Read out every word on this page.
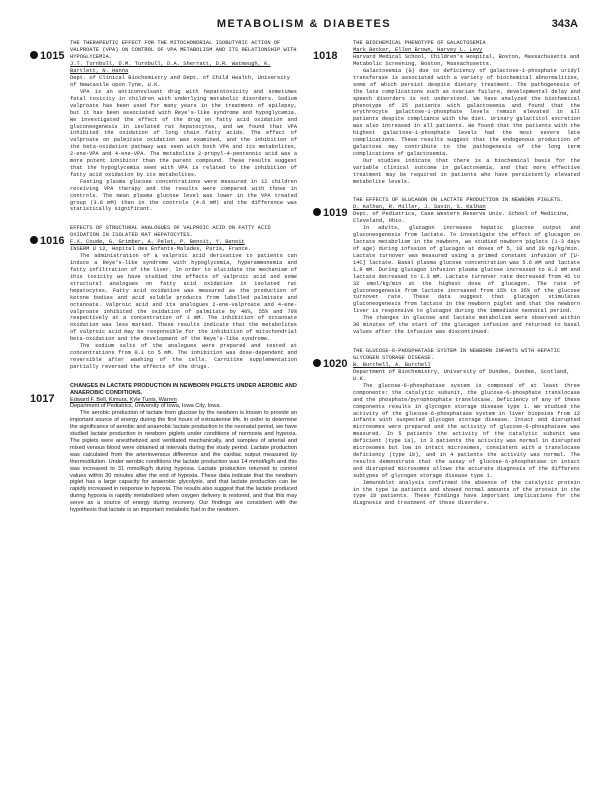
METABOLISM & DIABETES	343A
1015
THE THERAPEUTIC EFFECT FOR THE MITOCHONDRIAL ISOBUTYRIC ACTION OF VALPROATE (VPA) ON CONTROL OF VPA METABOLISM AND ITS RELATIONSHIP WITH HYPOGLYCEMIA.
J.T. Turnbull, D.M. Turnbull, D.A. Sherratt, D.R. Watmough, K. Bartlett, N. Hanna
Dept. of Clinical Biochemistry and Dept. of Child Health, University of Newcastle upon Tyne, U.K.

VPA is an anticonvulsant drug with hepatotoxicity and sometimes fatal toxicity in children with underlying metabolic disorders. Sodium valproate has been used for many years in the treatment of epilepsy, but it has been associated with Reye's-like syndrome and hypoglycemia. We investigated the effect of the drug on fatty acid oxidation and gluconeogenesis in isolated rat hepatocytes, and we found that VPA inhibited the oxidation of long chain fatty acids. The effect of valproate on palmitate oxidation was examined, and the inhibition of the beta-oxidation pathway was seen with both VPA and its metabolites, 2-ene-VPA and 4-ene-VPA. The metabolite 2-propyl-4-pentenoic acid was a more potent inhibitor than the parent compound. These results suggest that the hypoglycemia seen with VPA is related to the inhibition of fatty acid oxidation by its metabolites.

Fasting plasma glucose concentrations were measured in 12 children receiving VPA therapy and the results were compared with those in controls. The mean plasma glucose level was lower in the VPA treated group (3.8 mM) than in the controls (4.6 mM) and the difference was statistically significant.

1016
EFFECTS OF STRUCTURAL ANALOGUES OF VALPROIC ACID ON FATTY ACID OXIDATION IN ISOLATED RAT HEPATOCYTES.
F.X. Coude, G. Grimber, A. Pelet, P. Benoit, Y. Benoit
INSERM U 12, Hopital des Enfants-Malades, Paris, France.

The administration of a valproic acid derivative to patients can induce a Reye's-like syndrome with hypoglycemia, hyperammonemia and fatty infiltration of the liver. In order to elucidate the mechanism of this toxicity we have studied the effects of valproic acid and some structural analogues on fatty acid oxidation in isolated rat hepatocytes. Fatty acid oxidation was measured as the production of ketone bodies and acid soluble products from labelled palmitate and octanoate. Valproic acid and its analogues 2-ene-valproate and 4-ene-valproate inhibited the oxidation of palmitate by 40%, 55% and 70% respectively at a concentration of 1 mM. The inhibition of octanoate oxidation was less marked. These results indicate that the metabolites of valproic acid may be responsible for the inhibition of mitochondrial beta-oxidation and the development of the Reye's-like syndrome.

The sodium salts of the analogues were prepared and tested at concentrations from 0.1 to 5 mM. The inhibition was dose-dependent and reversible after washing of the cells. Carnitine supplementation partially reversed the effects of the drugs.

1017
CHANGES IN LACTATE PRODUCTION IN NEWBORN PIGLETS UNDER AEROBIC AND ANAEROBIC CONDITIONS.
Edward F. Bell, Kimura, Kyle Tunis, Warren
Department of Pediatrics, University of Iowa, Iowa City, Iowa.

The aerobic production of lactate from glucose by the newborn is known to provide an important source of energy during the first hours of extrauterine life. In order to determine the significance of aerobic and anaerobic lactate production in the neonatal period, we have studied lactate production in newborn piglets under conditions of normoxia and hypoxia. The piglets were anesthetized and ventilated mechanically, and samples of arterial and mixed venous blood were obtained at intervals during the study period. Lactate production was calculated from the arteriovenous difference and the cardiac output measured by thermodilution. Under aerobic conditions the lactate production was 14 mmol/kg/h and this was increased to 31 mmol/kg/h during hypoxia. Lactate production returned to control values within 30 minutes after the end of hypoxia. These data indicate that the newborn piglet has a large capacity for anaerobic glycolysis, and that lactate production can be rapidly increased in response to hypoxia. The results also suggest that the lactate produced during hypoxia is rapidly metabolized when oxygen delivery is restored, and that this may serve as a source of energy during recovery. Our findings are consistent with the hypothesis that lactate is an important metabolic fuel in the newborn.

1018
THE BIOCHEMICAL PHENOTYPE OF GALACTOSEMIA
Mark Becker, Ellen Brown, Harvey L. Levy
Harvard Medical School, Children's Hospital, Boston, Massachusetts and Metabolic Screening, Boston, Massachusetts.

Galactosemia (G) due to deficiency of galactose-1-phosphate uridyl transferase is associated with a variety of biochemical abnormalities, some of which persist despite dietary treatment. The pathogenesis of the late complications such as ovarian failure, developmental delay and speech disorders is not understood. We have analyzed the biochemical phenotype of 25 patients with galactosemia and found that the erythrocyte galactose-1-phosphate levels remain elevated in all patients despite compliance with the diet. Urinary galactitol excretion was also increased in all patients. We found that the patients with the highest galactose-1-phosphate levels had the most severe late complications. These results suggest that the endogenous production of galactose may contribute to the pathogenesis of the long term complications of galactosemia.

Our studies indicate that there is a biochemical basis for the variable clinical outcome in galactosemia, and that more effective treatment may be required in patients who have persistently elevated metabolite levels.

1019
THE EFFECTS OF GLUCAGON ON LACTATE PRODUCTION IN NEWBORN PIGLETS.
D. Kalhan, R. Miller, J. Savin, S. Kalhan
Dept. of Pediatrics, Case Western Reserve Univ. School of Medicine, Cleveland, Ohio.

In adults, glucagon increases hepatic glucose output and gluconeogenesis from lactate. To investigate the effect of glucagon on lactate metabolism in the newborn, we studied newborn piglets (1-3 days of age) during infusion of glucagon at doses of 5, 10 and 20 ng/kg/min. Lactate turnover was measured using a primed constant infusion of [U-14C] lactate. Basal plasma glucose concentration was 5.6 mM and lactate 1.8 mM. During glucagon infusion plasma glucose increased to 8.2 mM and lactate decreased to 1.3 mM. Lactate turnover rate decreased from 45 to 32 umol/kg/min at the highest dose of glucagon. The rate of gluconeogenesis from lactate increased from 15% to 35% of the glucose turnover rate. These data suggest that glucagon stimulates gluconeogenesis from lactate in the newborn piglet and that the newborn liver is responsive to glucagon during the immediate neonatal period.

The changes in glucose and lactate metabolism were observed within 30 minutes of the start of the glucagon infusion and returned to basal values after the infusion was discontinued.

1020
THE GLUCOSE-6-PHOSPHATASE SYSTEM IN NEWBORN INFANTS WITH HEPATIC GLYCOGEN STORAGE DISEASE.
B. Burchell, A. Burchell
Department of Biochemistry, University of Dundee, Dundee, Scotland, U.K.

The glucose-6-phosphatase system is composed of at least three components: the catalytic subunit, the glucose-6-phosphate translocase and the phosphate/pyrophosphate translocase. Deficiency of any of these components results in glycogen storage disease type 1. We studied the activity of the glucose-6-phosphatase system in liver biopsies from 12 infants with suspected glycogen storage disease. Intact and disrupted microsomes were prepared and the activity of glucose-6-phosphatase was measured. In 5 patients the activity of the catalytic subunit was deficient (type 1a), in 3 patients the activity was normal in disrupted microsomes but low in intact microsomes, consistent with a translocase deficiency (type 1b), and in 4 patients the activity was normal. The results demonstrate that the assay of glucose-6-phosphatase in intact and disrupted microsomes allows the accurate diagnosis of the different subtypes of glycogen storage disease type 1.

Immunoblot analysis confirmed the absence of the catalytic protein in the type 1a patients and showed normal amounts of the protein in the type 1b patients. These findings have important implications for the diagnosis and treatment of these disorders.
